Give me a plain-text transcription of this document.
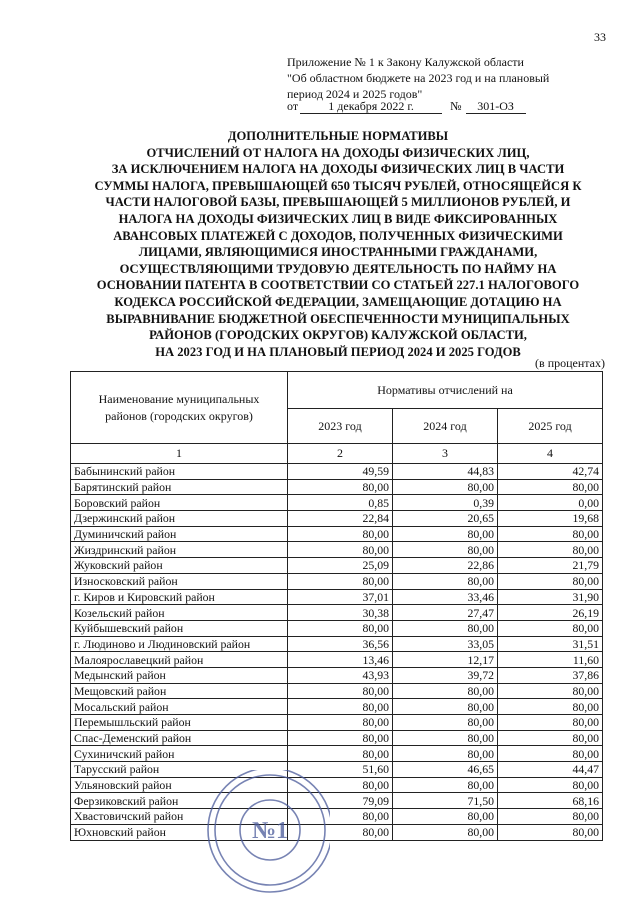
33
Приложение № 1 к Закону Калужской области
"Об областном бюджете на 2023 год и на плановый
период 2024 и 2025 годов"
от	1 декабря 2022 г.	№ 301-ОЗ
ДОПОЛНИТЕЛЬНЫЕ НОРМАТИВЫ
ОТЧИСЛЕНИЙ ОТ НАЛОГА НА ДОХОДЫ ФИЗИЧЕСКИХ ЛИЦ,
ЗА ИСКЛЮЧЕНИЕМ НАЛОГА НА ДОХОДЫ ФИЗИЧЕСКИХ ЛИЦ В ЧАСТИ
СУММЫ НАЛОГА, ПРЕВЫШАЮЩЕЙ 650 ТЫСЯЧ РУБЛЕЙ, ОТНОСЯЩЕЙСЯ К
ЧАСТИ НАЛОГОВОЙ БАЗЫ, ПРЕВЫШАЮЩЕЙ 5 МИЛЛИОНОВ РУБЛЕЙ, И
НАЛОГА НА ДОХОДЫ ФИЗИЧЕСКИХ ЛИЦ В ВИДЕ ФИКСИРОВАННЫХ
АВАНСОВЫХ ПЛАТЕЖЕЙ С ДОХОДОВ, ПОЛУЧЕННЫХ ФИЗИЧЕСКИМИ
ЛИЦАМИ, ЯВЛЯЮЩИМИСЯ ИНОСТРАННЫМИ ГРАЖДАНАМИ,
ОСУЩЕСТВЛЯЮЩИМИ ТРУДОВУЮ ДЕЯТЕЛЬНОСТЬ ПО НАЙМУ НА
ОСНОВАНИИ ПАТЕНТА В СООТВЕТСТВИИ СО СТАТЬЕЙ 227.1 НАЛОГОВОГО
КОДЕКСА РОССИЙСКОЙ ФЕДЕРАЦИИ, ЗАМЕЩАЮЩИЕ ДОТАЦИЮ НА
ВЫРАВНИВАНИЕ БЮДЖЕТНОЙ ОБЕСПЕЧЕННОСТИ МУНИЦИПАЛЬНЫХ
РАЙОНОВ (ГОРОДСКИХ ОКРУГОВ) КАЛУЖСКОЙ ОБЛАСТИ,
НА 2023 ГОД И НА ПЛАНОВЫЙ ПЕРИОД 2024 И 2025 ГОДОВ
(в процентах)
Наименование муниципальных
районов (городских округов)	Нормативы отчислений на		
	2023 год	2024 год	2025 год
1	2	3	4
Бабынинский район	49,59	44,83	42,74
Барятинский район	80,00	80,00	80,00
Боровский район	0,85	0,39	0,00
Дзержинский район	22,84	20,65	19,68
Думиничский район	80,00	80,00	80,00
Жиздринский район	80,00	80,00	80,00
Жуковский район	25,09	22,86	21,79
Износковский район	80,00	80,00	80,00
г. Киров и Кировский район	37,01	33,46	31,90
Козельский район	30,38	27,47	26,19
Куйбышевский район	80,00	80,00	80,00
г. Людиново и Людиновский район	36,56	33,05	31,51
Малоярославецкий район	13,46	12,17	11,60
Медынский район	43,93	39,72	37,86
Мещовский район	80,00	80,00	80,00
Мосальский район	80,00	80,00	80,00
Перемышльский район	80,00	80,00	80,00
Спас-Деменский район	80,00	80,00	80,00
Сухиничский район	80,00	80,00	80,00
Тарусский район	51,60	46,65	44,47
Ульяновский район	80,00	80,00	80,00
Ферзиковский район	79,09	71,50	68,16
Хвастовичский район	80,00	80,00	80,00
Юхновский район	80,00	80,00	80,00
№1
